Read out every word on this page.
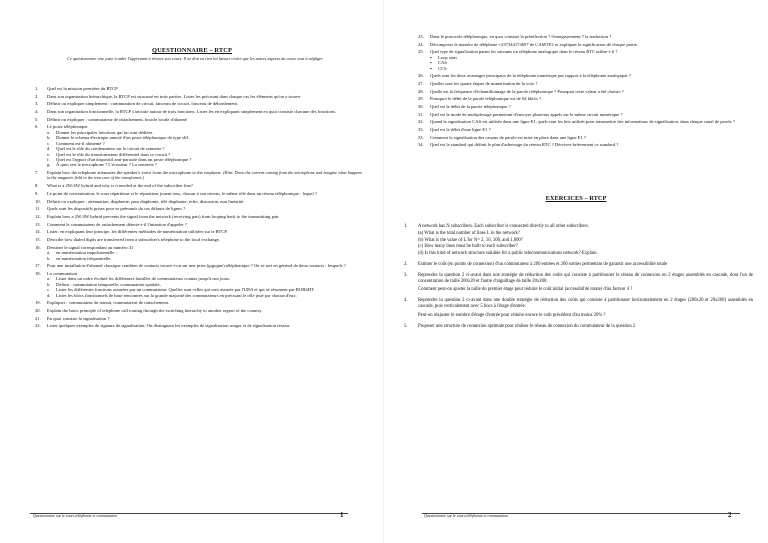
QUESTIONNAIRE – RTCP
Ce questionnaire vise juste à aider l'apprenant à réviser son cours. Il ne doit en rien lui laisser croire que les autres aspects du cours sont à négliger
1.	Quel est la mission première du RTCP
2.	Dans son organisation hiérarchique, la RTCP est structuré en trois parties. Lister les précisant dans chaque cas les éléments qu'on y trouve.
3.	Définir ou expliquer simplement : commutation de circuit, faisceau de circuit, faisceau de débordement.
4.	Dans son organisation fonctionnelle, la RTCP s'articule autour de trois fonctions. Lister les en expliquant simplement en quoi consiste chacune des fonctions.
5.	Définir ou expliquer : commutateur de rattachement, boucle locale d'abonné
6.	Le poste téléphonique
a.	Donner les principales fonctions qui lui sont dédiées.
b.	Donner le schéma électrique annoté d'un poste téléphonique de type s63.
c.	Comment est-il alimenté ?
d.	Quel est le rôle du condensateur sur le circuit de sonnerie ?
e.	Quel est le rôle du transformateur différentiel dans ce circuit ?
f.	Quel est l'apport d'un dispositif anti-parasite dans un poste téléphonique ?
g.	À quoi sert le microphone ? L'écouteur ? La sonnerie ?
7.	Explain how the telephone attenuates the speaker's voice from the microphone to the earphone. (Hint: Draw the current coming from the microphone and imagine what happens in the magnetic field in the iron core of the transformer.)
8.	What is a 2W/4W hybrid and why is it needed at the end of the subscriber line?
9.	Le point de concentration, le roux répartiteur et le répartiteur jouent tous, chacun à son niveau, le même rôle dans un réseau téléphonique : lequel ?
10.	Définir ou expliquer : atténuation, diaphonie, para diaphonie, télé diaphonie, écho, distorsion, non linéarité.
11.	Quels sont les dispositifs prises pour se prémunir du ces défauts de lignes ?
12.	Explain how a 2W/4W hybrid prevents the signal from the network (receiving pair) from looping back to the transmitting pair.
13.	Comment le commutateur de rattachement détecte-t-il l'intention d'appeler ?
14.	Lister, en expliquant leur principe, les différentes méthodes de numérotation utilisées sur le RTCP.
15.	Describe how dialed digits are transferred from a subscriber's telephone to the local exchange.
16.	Dessiner le signal correspondant au numéro 41
a.	en numérotation impulsionnelle ;
b.	en numérotation fréquentielle.
17.	Pour une installation d'abonné classique combien de contacts trouve-t-on sur une prise (gigogne) téléphonique ? On se sert en général de deux contacts : lesquels ?
18.	La commutation
a.	Lister dans un ordre évoluté les différentes familles de commutateurs connus jusqu'à nos jours.
b.	Définir : commutation temporelle, commutation spatiale,
c.	Lister les différentes fonctions assurées par un commutateur. Quelles sont celles qui sont assurée par l'URA et qui se résument par BORSHT.
d.	Lister les blocs fonctionnels de base rencontrés sur la grande majorité des commutateurs en précisant le rôle joué par chacun d'eux.
19.	Expliquer : commutateur de transit, commutateur de rattachement.
20.	Explain the basic principle of telephone call routing through the switching hierarchy to another region of the country.
21.	En quoi consiste la signalisation ?
22.	Lister quelques exemples de signaux de signalisation. On distinguera les exemples de signalisation usager et de signalisation réseau.
Questionnaire sur le cours téléphonie et commutation	1
23.	Dans le protocole téléphonique, en quoi consiste la présélection ? l'enregistrement ? la traduction ?
24.	Décomposer le numéro de téléphone +237344174697 de CAMTEL et expliquer la signification de chaque partie.
25.	Quel type de signalisation parmi les suivants un téléphone analogique dans le réseau RTC utilise-t-il ?
▪	Loop start
▪	CAS
▪	CCS
26.	Quels sont les deux avantages principaux de la téléphonie numérique par rapport à la téléphonie analogique ?
27.	Quelles sont les quatre étapes de numérisation de la voix ?
28.	Quelle est la fréquence d'échantillonnage de la parole téléphonique ? Pourquoi cette valeur a été choisie ?
29.	Pourquoi le débit de la parole téléphonique est de 64 kbit/s ?
30.	Quel est le débit de la parole téléphonique ?
31.	Quel est le mode de multiplexage permettant d'envoyer plusieurs appels sur le même circuit numérique ?
32.	Quand la signalisation CAS est utilisée dans une ligne E1, quels sont les bits utilisés pour transmettre des informations de signalisation. dans chaque canal de parole ?
33.	Quel est le débit d'une ligne E1 ?
33.	Comment la signalisation des canaux de parole est mise en place dans une ligne E1 ?
34.	Quel est le standard qui définit le plan d'adressage du réseau RTC ? Décrivez brièvement ce standard ?
EXERCICES – RTCP
1.	A network has N subscribers. Each subscriber is connected directly to all other subscribers.
(a) What is the total number of lines L in the network?
(b) What is the value of L for N= 2, 10, 100, and 1,000?
(c) How many lines must be built to each subscriber?
(d) Is this kind of network structure suitable for a public telecommunications network? Explain.
2.	Estimer le coût (en points de connexion) d'un commutateur à 200 entrées et 200 sorties permettant de garantir une accessibilité totale
3.	Reprendre la question 2 ci-avant dans une stratégie de réduction des coûts qui consiste à partitionner le réseau de connexion en 2 étages assemblés en cascade, dont l'un de concentration de taille 200x20 et l'autre d'aiguillage de taille 20x200.
Comment peut-on ajuster la taille du premier étage pour réduire le coût initial (accessibilité totale) d'un facteur 4 ?
4.	Reprendre la question 2 ci-avant dans une double stratégie de réduction des coûts qui consiste à partitionner horizontalement en 2 étages (200x20 et 20x200) assemblés en cascade, puis verticalement avec 5 bocs à l'étage d'entrée.
Peut-on réajuster le nombre d'étage d'entrée pour réduire encore le coût précédent d'au moins 20% ?
5.	Proposer une structure de connexion optimale pour réaliser le réseau de connexion du commutateur de la question 2
Questionnaire sur le cours téléphonie et commutation	2
